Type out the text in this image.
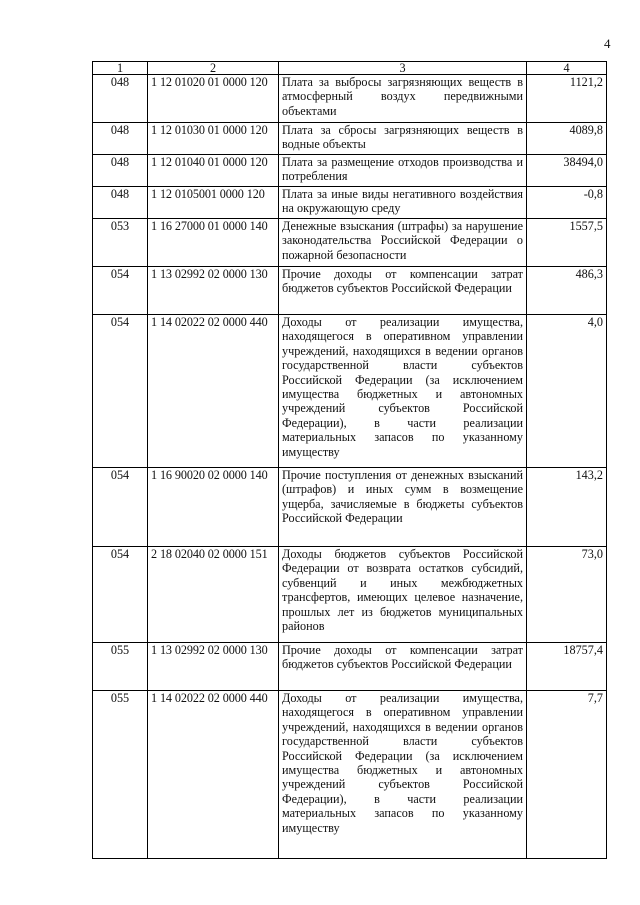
4
1	2	3	4
048	1 12 01020 01 0000 120	Плата за выбросы загрязняющих веществ в атмосферный воздух передвижными объектами	1121,2
048	1 12 01030 01 0000 120	Плата за сбросы загрязняющих веществ в водные объекты	4089,8
048	1 12 01040 01 0000 120	Плата за размещение отходов производства и потребления	38494,0
048	1 12 0105001 0000 120	Плата за иные виды негативного воздействия на окружающую среду	-0,8
053	1 16 27000 01 0000 140	Денежные взыскания (штрафы) за нарушение законодательства Российской Федерации о пожарной безопасности	1557,5
054	1 13 02992 02 0000 130	Прочие доходы от компенсации затрат бюджетов субъектов Российской Федерации	486,3
054	1 14 02022 02 0000 440	Доходы от реализации имущества, находящегося в оперативном управлении учреждений, находящихся в ведении органов государственной власти субъектов Российской Федерации (за исключением имущества бюджетных и автономных учреждений субъектов Российской Федерации), в части реализации материальных запасов по указанному имуществу	4,0
054	1 16 90020 02 0000 140	Прочие поступления от денежных взысканий (штрафов) и иных сумм в возмещение ущерба, зачисляемые в бюджеты субъектов Российской Федерации	143,2
054	2 18 02040 02 0000 151	Доходы бюджетов субъектов Российской Федерации от возврата остатков субсидий, субвенций и иных межбюджетных трансфертов, имеющих целевое назначение, прошлых лет из бюджетов муниципальных районов	73,0
055	1 13 02992 02 0000 130	Прочие доходы от компенсации затрат бюджетов субъектов Российской Федерации	18757,4
055	1 14 02022 02 0000 440	Доходы от реализации имущества, находящегося в оперативном управлении учреждений, находящихся в ведении органов государственной власти субъектов Российской Федерации (за исключением имущества бюджетных и автономных учреждений субъектов Российской Федерации), в части реализации материальных запасов по указанному имуществу	7,7
